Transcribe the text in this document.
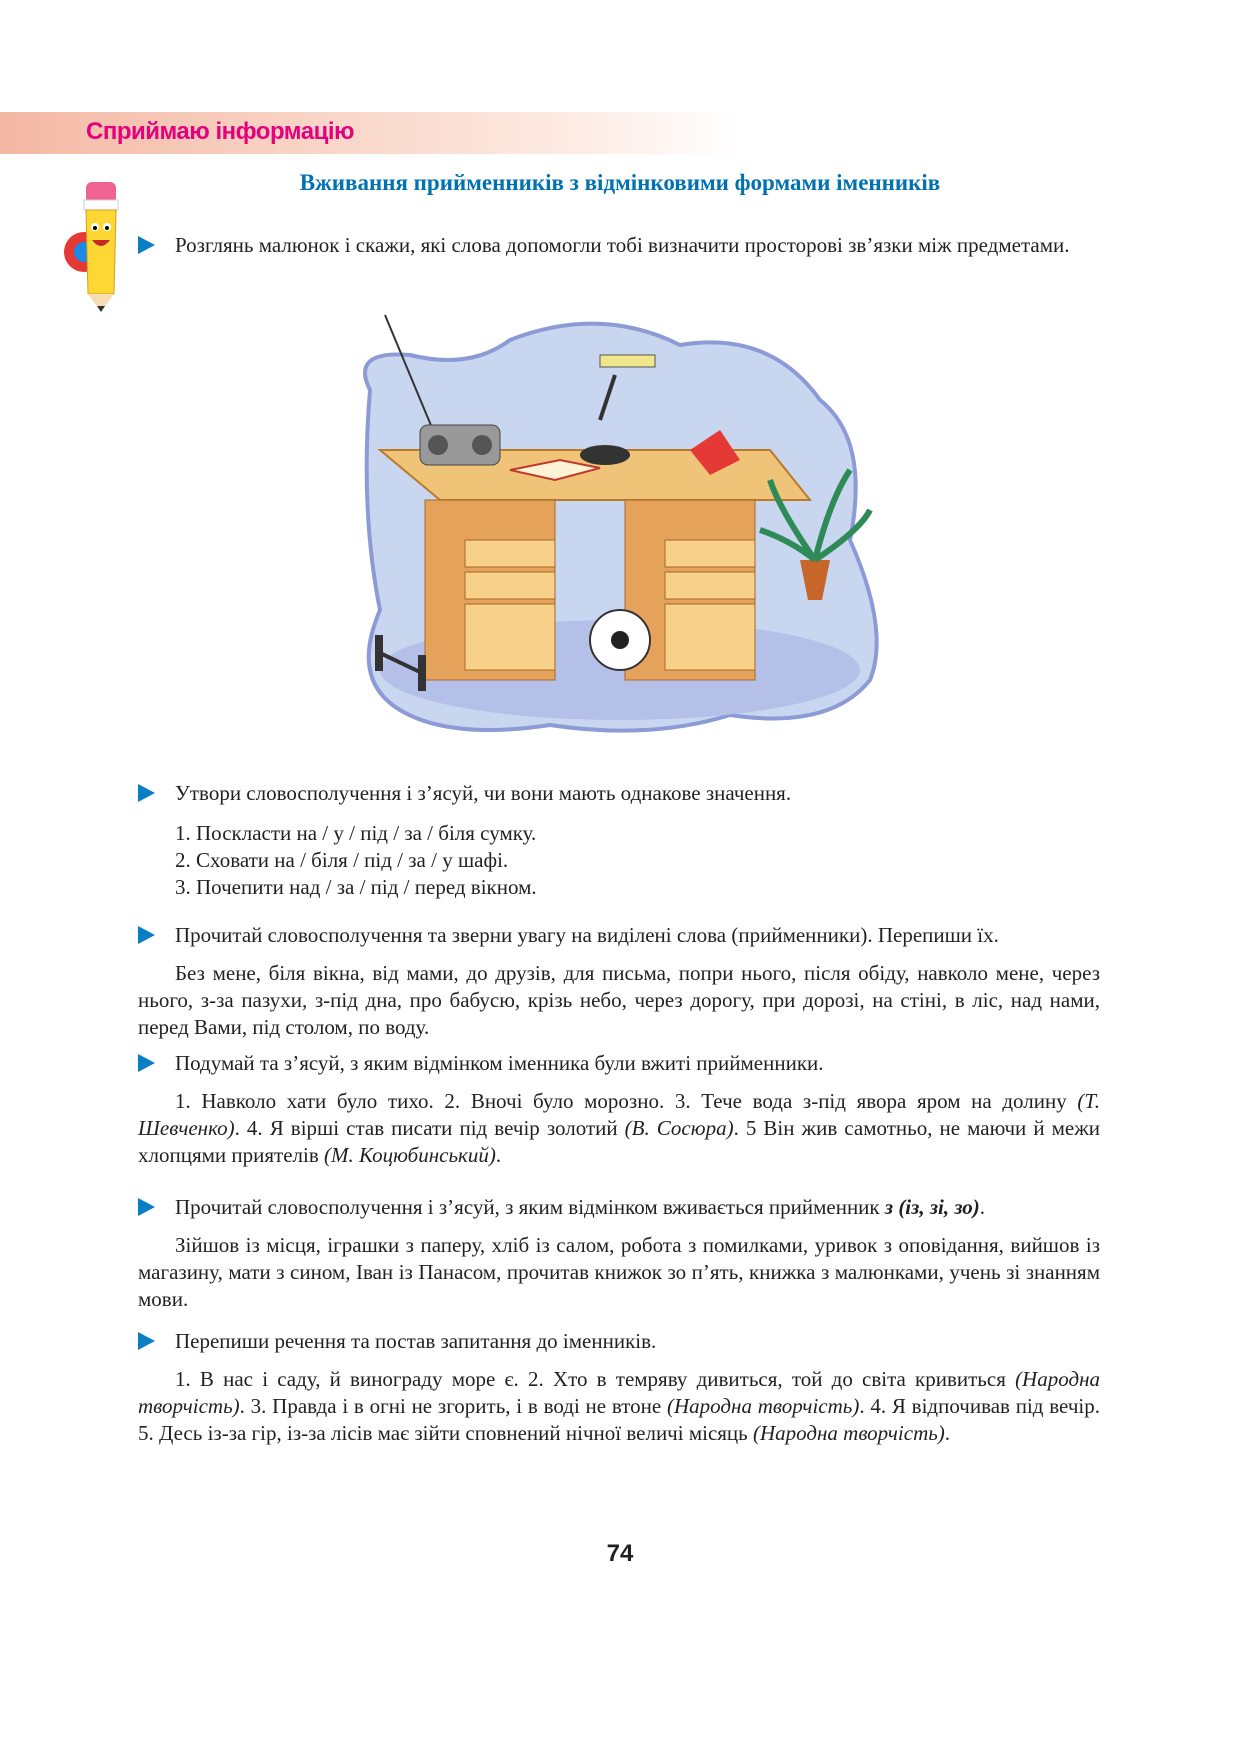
Сприймаю інформацію
Вживання прийменників з відмінковими формами іменників
Розглянь малюнок і скажи, які слова допомогли тобі визначити просторові зв’язки між предметами.
Утвори словосполучення і з’ясуй, чи вони мають однакове значення.
1. Поскласти на / у / під / за / біля сумку.
2. Сховати на / біля / під / за / у шафі.
3. Почепити над / за / під / перед вікном.
Прочитай словосполучення та зверни увагу на виділені слова (прийменники). Перепиши їх.
Без мене, біля вікна, від мами, до друзів, для письма, попри нього, після обіду, навколо мене, через нього, з-за пазухи, з-під дна, про бабусю, крізь небо, через дорогу, при дорозі, на стіні, в ліс, над нами, перед Вами, під столом, по воду.
Подумай та з’ясуй, з яким відмінком іменника були вжиті прийменники.
1. Навколо хати було тихо. 2. Вночі було морозно. 3. Тече вода з-під явора яром на долину (Т. Шевченко). 4. Я вірші став писати під вечір золотий (В. Сосюра). 5 Він жив самотньо, не маючи й межи хлопцями приятелів (М. Коцюбинський).
Прочитай словосполучення і з’ясуй, з яким відмінком вживається прийменник з (із, зі, зо).
Зійшов із місця, іграшки з паперу, хліб із салом, робота з помилками, уривок з оповідання, вийшов із магазину, мати з сином, Іван із Панасом, прочитав книжок зо п’ять, книжка з малюнками, учень зі знанням мови.
Перепиши речення та постав запитання до іменників.
1. В нас і саду, й винограду море є. 2. Хто в темряву дивиться, той до світа кривиться (Народна творчість). 3. Правда і в огні не згорить, і в воді не втоне (Народна творчість). 4. Я відпочивав під вечір. 5. Десь із-за гір, із-за лісів має зійти сповнений нічної величі місяць (Народна творчість).
74
